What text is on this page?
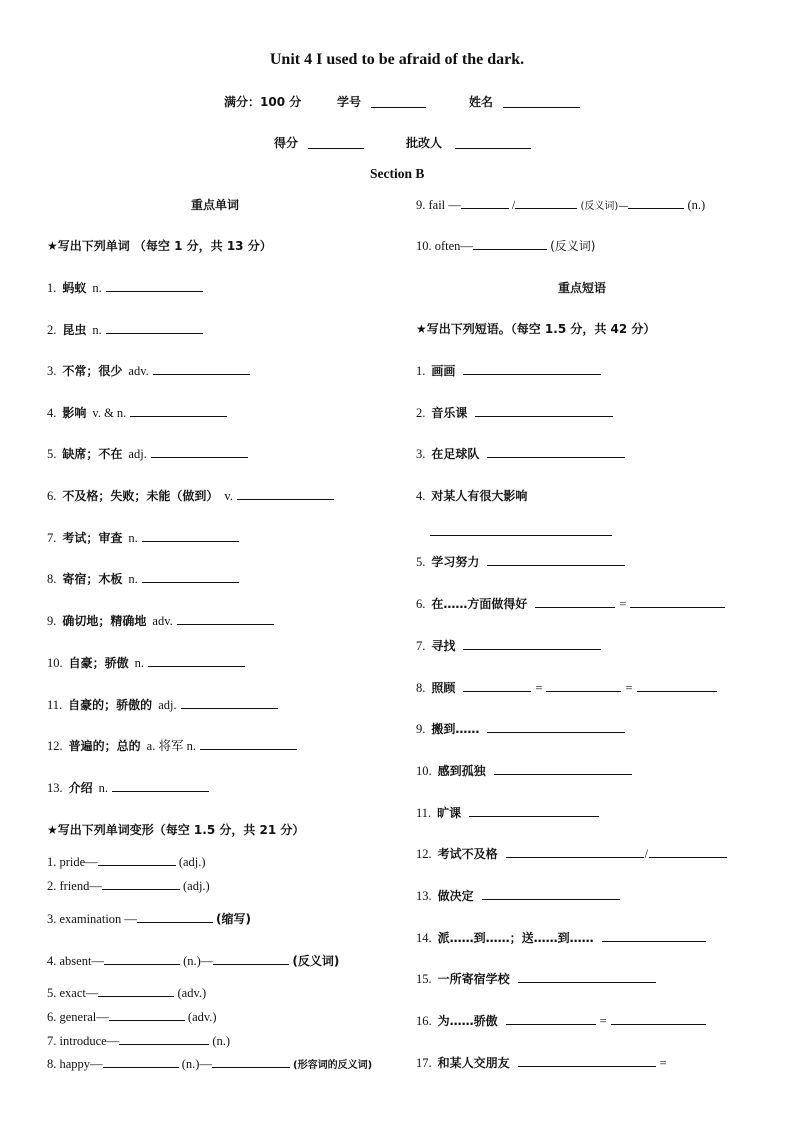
Unit 4 I used to be afraid of the dark.
满分：100 分	学号	姓名
得分	批改人
Section B
重点单词
★写出下列单词 （每空 1 分，共 13 分）
1. 蚂蚁 n.
2. 昆虫 n.
3. 不常；很少 adv.
4. 影响 v. & n.
5. 缺席；不在 adj.
6. 不及格；失败；未能（做到） v.
7. 考试；审查 n.
8. 寄宿；木板 n.
9. 确切地；精确地 adv.
10. 自豪；骄傲 n.
11. 自豪的；骄傲的 adj.
12. 普遍的；总的 a. 将军 n.
13. 介绍 n.
★写出下列单词变形（每空 1.5 分，共 21 分）
1. pride—	(adj.)
2. friend—	(adj.)
3. examination —	(缩写)
4. absent—	(n.)—	(反义词)
5. exact—	(adv.)
6. general—	(adv.)
7. introduce—	(n.)
8. happy—	(n.)—	(形容词的反义词)
9. fail —	/	(反义词)—	(n.)
10. often—	(反义词)
重点短语
★写出下列短语。（每空 1.5 分，共 42 分）
1. 画画
2. 音乐课
3. 在足球队
4. 对某人有很大影响
5. 学习努力
6. 在……方面做得好	=
7. 寻找
8. 照顾	=	=
9. 搬到……
10. 感到孤独
11. 旷课
12. 考试不及格	/
13. 做决定
14. 派……到……；送……到……
15. 一所寄宿学校
16. 为……骄傲	=
17. 和某人交朋友	=
